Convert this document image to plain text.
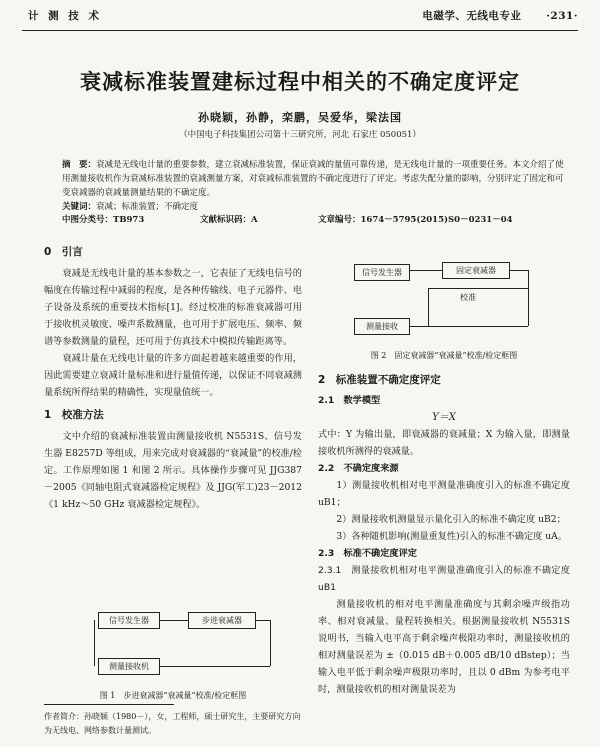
计 测 技 术	电磁学、无线电专业 ·231·
衰减标准装置建标过程中相关的不确定度评定
孙晓颖，孙静，栾鹏，吴爱华，梁法国
（中国电子科技集团公司第十三研究所，河北 石家庄 050051）
摘　要：衰减是无线电计量的重要参数，建立衰减标准装置，保证衰减的量值可靠传递，是无线电计量的一项重要任务。本文介绍了使用测量接收机作为衰减标准装置的衰减测量方案，对衰减标准装置的不确定度进行了评定。考虑失配分量的影响，分别评定了固定和可变衰减器的衰减量测量结果的不确定度。
关键词：衰减；标准装置；不确定度
中图分类号：TB973	文献标识码：A	文章编号：1674－5795(2015)S0－0231－04
0　引言

衰减是无线电计量的基本参数之一，它表征了无线电信号的幅度在传输过程中减弱的程度，是各种传输线、电子元器件、电子设备及系统的重要技术指标[1]。经过校准的标准衰减器可用于接收机灵敏度、噪声系数测量，也可用于扩展电压、频率、频谱等参数测量的量程，还可用于仿真技术中模拟传输距离等。

衰减计量在无线电计量的许多方面起着越来越重要的作用，因此需要建立衰减计量标准和进行量值传递，以保证不同衰减测量系统所得结果的精确性，实现量值统一。

1　校准方法

文中介绍的衰减标准装置由测量接收机 N5531S、信号发生器 E8257D 等组成，用来完成对衰减器的“衰减量”的校准/检定。工作原理如图 1 和图 2 所示。具体操作步骤可见 JJG387－2005《同轴电阻式衰减器检定规程》及 JJG(军工)23－2012《1 kHz～50 GHz 衰减器检定规程》。

信号发生器	步进衰减器
测量接收机
图 1　步进衰减器“衰减量”校准/检定框图
作者简介：孙晓颖（1980－），女，工程师，硕士研究生，主要研究方向为无线电、网络参数计量测试。
信号发生器	固定衰减器
测量接收
校准
图 2　固定衰减器“衰减量”校准/检定框图
2　标准装置不确定度评定
2.1　数学模型
Y＝X
式中：Y 为输出量，即衰减器的衰减量；X 为输入量，即测量接收机所测得的衰减量。
2.2　不确定度来源

1）测量接收机相对电平测量准确度引入的标准不确定度 uB1；

2）测量接收机测量显示量化引入的标准不确定度 uB2；

3）各种随机影响(测量重复性)引入的标准不确定度 uA。

2.3　标准不确定度评定
2.3.1　测量接收机相对电平测量准确度引入的标准不确定度 uB1

测量接收机的相对电平测量准确度与其剩余噪声级指功率、相对衰减量、量程转换相关。根据测量接收机 N5531S 说明书，当输入电平高于剩余噪声极限功率时，测量接收机的相对测量误差为 ±（0.015 dB＋0.005 dB/10 dBstep）；当输入电平低于剩余噪声极限功率时，且以 0 dBm 为参考电平时，测量接收机的相对测量误差为
